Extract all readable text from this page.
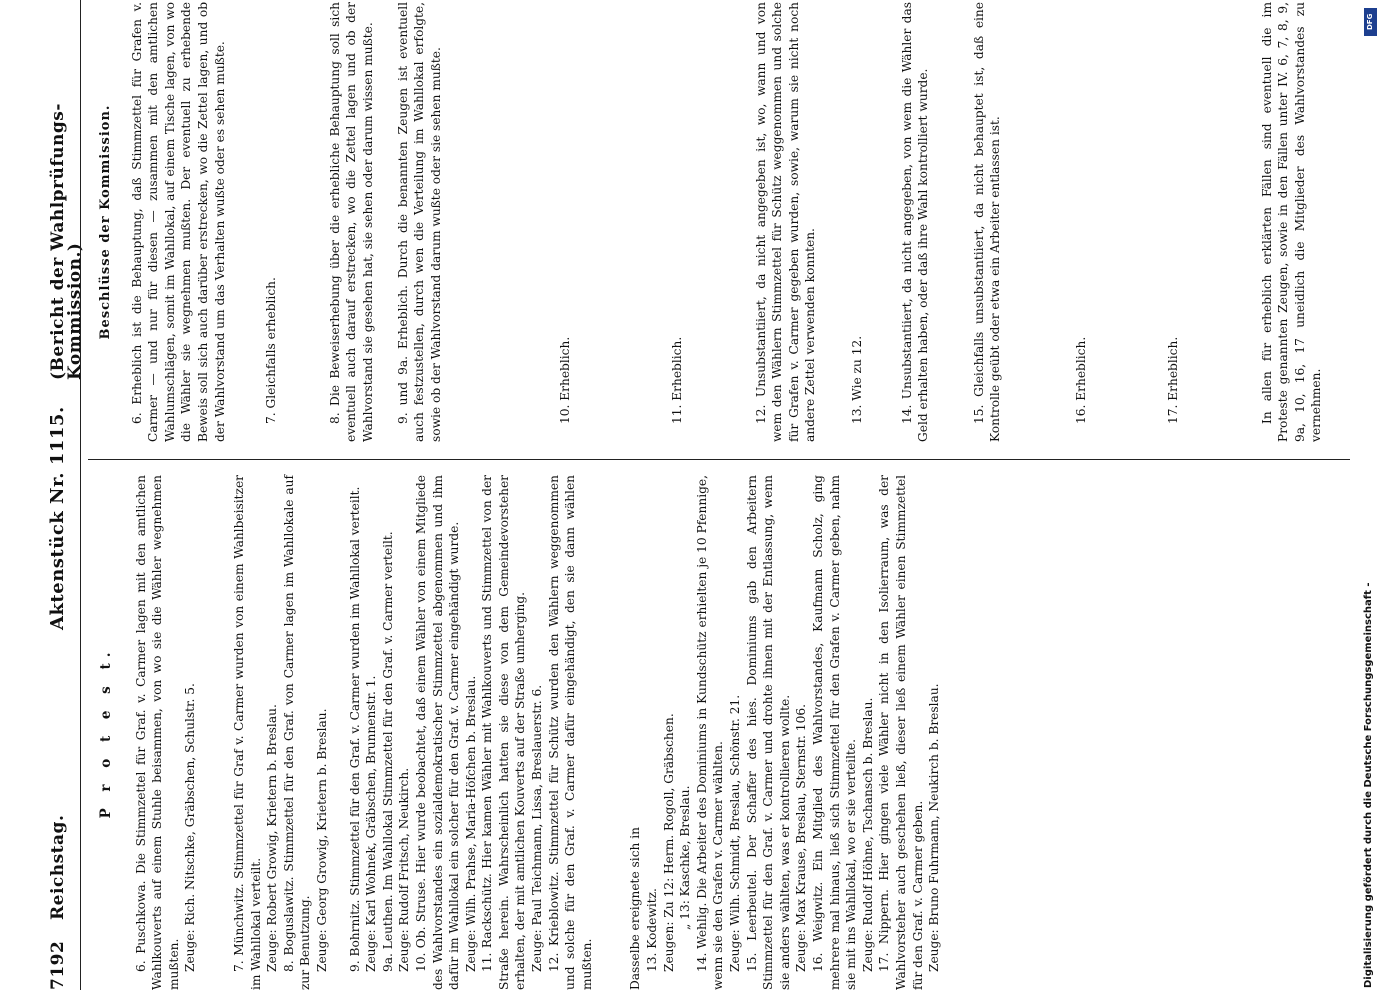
7192
Reichstag.
Aktenstück Nr. 1115.
(Bericht der Wahlprüfungs-Kommission.)
P r o t e s t. 6. Puschkowa. Die Stimmzettel für Graf. v. Carmer lagen mit den amtlichen Wahlkouverts auf einem Stuhle beisammen, von wo sie die Wähler wegnehmen mußten. Zeuge: Rich. Nitschke, Gräbschen, Schulstr. 5.	7. Münchwitz. Stimmzettel für Graf v. Carmer wurden von einem Wahlbeisitzer im Wahllokal verteilt. Zeuge: Robert Growig, Krietern b. Breslau. 8. Boguslawitz. Stimmzettel für den Graf. von Carmer lagen im Wahllokale auf zur Benutzung. Zeuge: Georg Growig, Krietern b. Breslau. 9. Bohrnitz. Stimmzettel für den Graf. v. Carmer wurden im Wahllokal verteilt. Zeuge: Karl Wohnek, Gräbschen, Brunnenstr. 1. 9a. Leuthen. Im Wahllokal Stimmzettel für den Graf. v. Carmer verteilt. Zeuge: Rudolf Fritsch, Neukirch. 10. Ob. Struse. Hier wurde beobachtet, daß einem Wähler von einem Mitgliede des Wahlvorstandes ein sozialdemokratischer Stimmzettel abgenommen und ihm dafür im Wahllokal ein solcher für den Graf. v. Carmer eingehändigt wurde. Zeuge: Wilh. Prahse, Maria-Höfchen b. Breslau. 11. Rackschütz. Hier kamen Wähler mit Wahlkouverts und Stimmzettel von der Straße herein. Wahrscheinlich hatten sie diese von dem Gemeindevorsteher erhalten, der mit amtlichen Kouverts auf der Straße umherging. Zeuge: Paul Teichmann, Lissa, Breslauerstr. 6. 12. Krieblowitz. Stimmzettel für Schütz wurden den Wählern weggenommen und solche für den Graf. v. Carmer dafür eingehändigt, den sie dann wählen mußten.	Dasselbe ereignete sich in 13. Kodewitz. Zeugen: Zu 12: Herm. Rogoll, Gräbschen. „ 13: Kaschke, Breslau. 14. Wehlig. Die Arbeiter des Dominiums in Kundschütz erhielten je 10 Pfennige, wenn sie den Grafen v. Carmer wählten. Zeuge: Wilh. Schmidt, Breslau, Schönstr. 21. 15. Leerbeutel. Der Schaffer des hies. Dominiums gab den Arbeitern Stimmzettel für den Graf. v. Carmer und drohte ihnen mit der Entlassung, wenn sie anders wählten, was er kontrollieren wollte. Zeuge: Max Krause, Breslau, Sternstr. 106. 16. Weigwitz. Ein Mitglied des Wahlvorstandes, Kaufmann Scholz, ging mehrere mal hinaus, ließ sich Stimmzettel für den Grafen v. Carmer geben, nahm sie mit ins Wahllokal, wo er sie verteilte. Zeuge: Rudolf Höhne, Tschansch b. Breslau. 17. Nippern. Hier gingen viele Wähler nicht in den Isolierraum, was der Wahlvorsteher auch geschehen ließ, dieser ließ einem Wähler einen Stimmzettel für den Graf. v. Carmer geben. Zeuge: Bruno Fuhrmann, Neukirch b. Breslau.

Beschlüsse der Kommission. 6. Erheblich ist die Behauptung, daß Stimmzettel für Grafen v. Carmer — und nur für diesen — zusammen mit den amtlichen Wahlumschlägen, somit im Wahllokal, auf einem Tische lagen, von wo die Wähler sie wegnehmen mußten. Der eventuell zu erhebende Beweis soll sich auch darüber erstrecken, wo die Zettel lagen, und ob der Wahlvorstand um das Verhalten wußte oder es sehen mußte.	7. Gleichfalls erheblich.	8. Die Beweiserhebung über die erhebliche Behauptung soll sich eventuell auch darauf erstrecken, wo die Zettel lagen und ob der Wahlvorstand sie gesehen hat, sie sehen oder darum wissen mußte. 9. und 9a. Erheblich. Durch die benannten Zeugen ist eventuell auch festzustellen, durch wen die Verteilung im Wahllokal erfolgte, sowie ob der Wahlvorstand darum wußte oder sie sehen mußte.	10. Erheblich.	11. Erheblich.	12. Unsubstantiiert, da nicht angegeben ist, wo, wann und von wem den Wählern Stimmzettel für Schütz weggenommen und solche für Grafen v. Carmer gegeben wurden, sowie, warum sie nicht noch andere Zettel verwenden konnten.	13. Wie zu 12.	14. Unsubstantiiert, da nicht angegeben, von wem die Wähler das Geld erhalten haben, oder daß ihre Wahl kontrolliert wurde.	15. Gleichfalls unsubstantiiert, da nicht behauptet ist, daß eine Kontrolle geübt oder etwa ein Arbeiter entlassen ist.	16. Erheblich.	17. Erheblich.	In allen für erheblich erklärten Fällen sind eventuell die im Proteste genannten Zeugen, sowie in den Fällen unter IV. 6, 7, 8, 9, 9a, 10, 16, 17 uneidlich die Mitglieder des Wahlvorstandes zu vernehmen.

DFG
Digitalisierung gefördert durch die Deutsche Forschungsgemeinschaft -
